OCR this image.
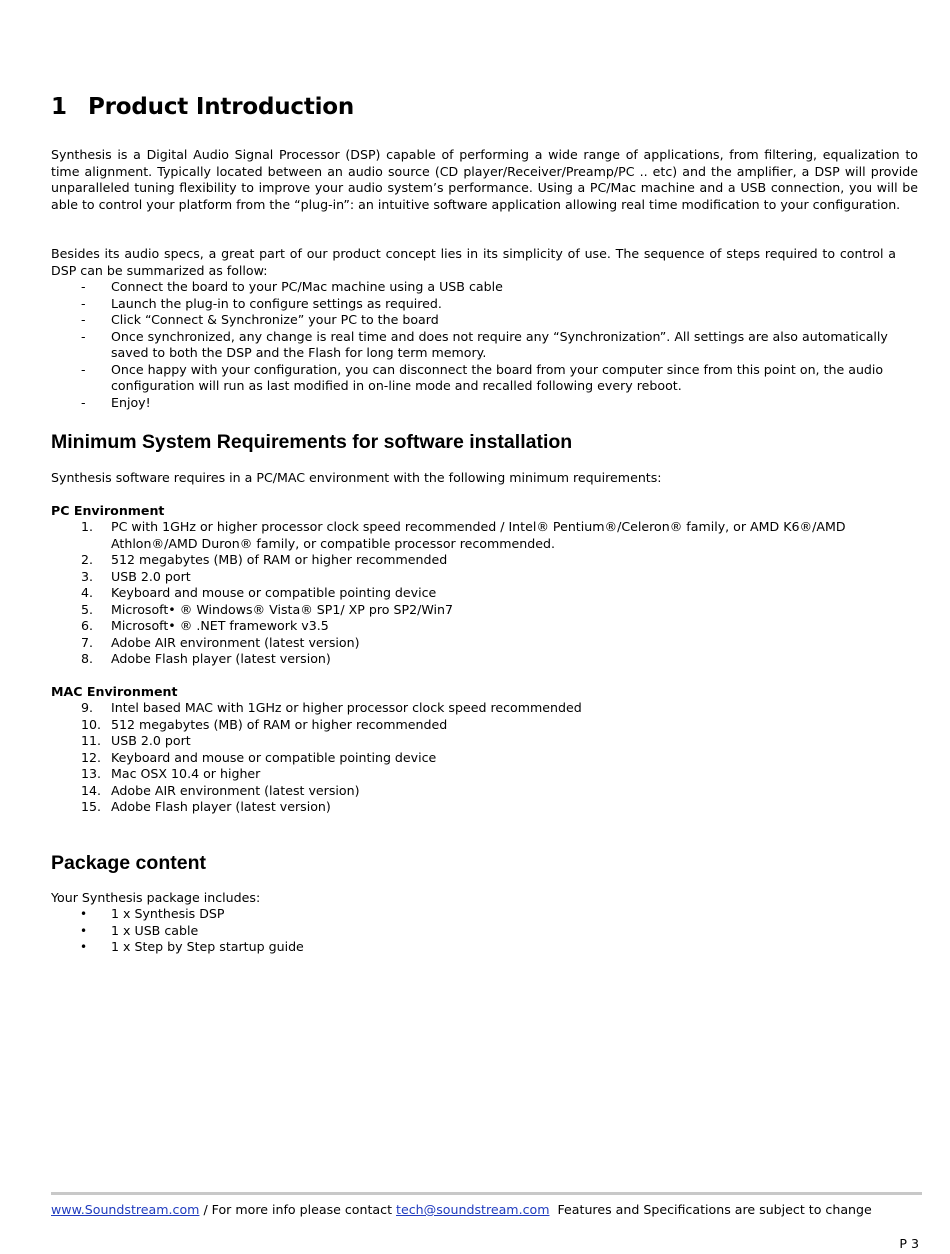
1 Product Introduction

Synthesis is a Digital Audio Signal Processor (DSP) capable of performing a wide range of applications, from filtering, equalization to time alignment. Typically located between an audio source (CD player/Receiver/Preamp/PC .. etc) and the amplifier, a DSP will provide unparalleled tuning flexibility to improve your audio system’s performance. Using a PC/Mac machine and a USB connection, you will be able to control your platform from the “plug-in”: an intuitive software application allowing real time modification to your configuration.

Besides its audio specs, a great part of our product concept lies in its simplicity of use. The sequence of steps required to control a DSP can be summarized as follow:

-	Connect the board to your PC/Mac machine using a USB cable
-	Launch the plug-in to configure settings as required.
-	Click “Connect & Synchronize” your PC to the board
-	Once synchronized, any change is real time and does not require any “Synchronization”. All settings are also automatically saved to both the DSP and the Flash for long term memory.
-	Once happy with your configuration, you can disconnect the board from your computer since from this point on, the audio configuration will run as last modified in on-line mode and recalled following every reboot.
-	Enjoy!
Minimum System Requirements for software installation

Synthesis software requires in a PC/MAC environment with the following minimum requirements:

PC Environment
1.	PC with 1GHz or higher processor clock speed recommended / Intel® Pentium®/Celeron® family, or AMD K6®/AMD Athlon®/AMD Duron® family, or compatible processor recommended.
2.	512 megabytes (MB) of RAM or higher recommended
3.	USB 2.0 port
4.	Keyboard and mouse or compatible pointing device
5.	Microsoft• ® Windows® Vista® SP1/ XP pro SP2/Win7
6.	Microsoft• ® .NET framework v3.5
7.	Adobe AIR environment (latest version)
8.	Adobe Flash player (latest version)
MAC Environment
9.	Intel based MAC with 1GHz or higher processor clock speed recommended
10. 512 megabytes (MB) of RAM or higher recommended
11. USB 2.0 port
12. Keyboard and mouse or compatible pointing device
13. Mac OSX 10.4 or higher
14. Adobe AIR environment (latest version)
15. Adobe Flash player (latest version)
Package content

Your Synthesis package includes:

•	1 x Synthesis DSP
•	1 x USB cable
•	1 x Step by Step startup guide
www.Soundstream.com / For more info please contact tech@soundstream.com  Features and Specifications are subject to change
P 3
